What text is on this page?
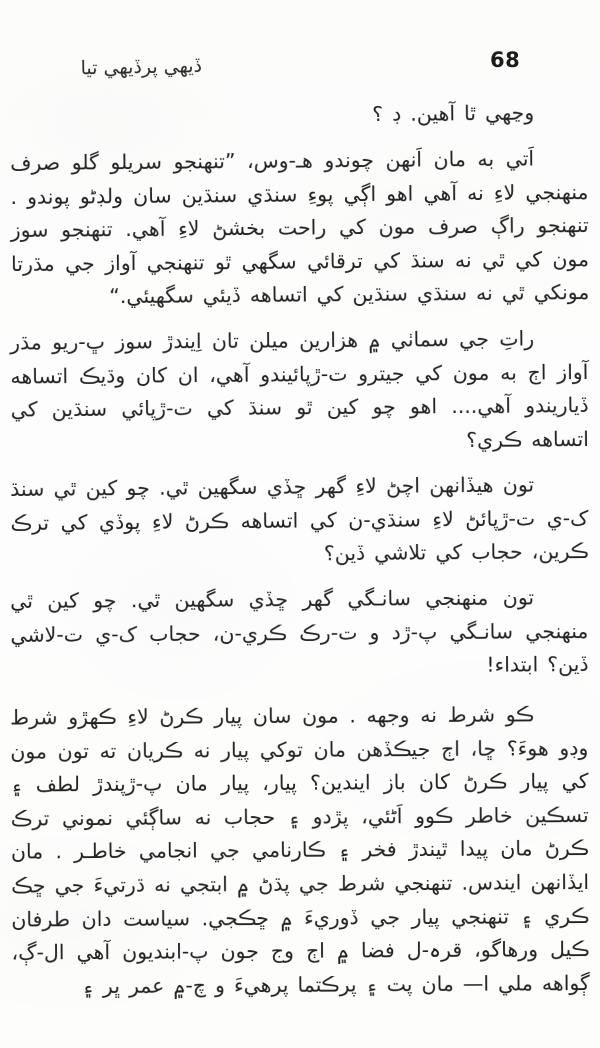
68
ڏيهي پرڏيهي تيا

وڃهي ٿا آهين. ڊ ؟

اَتي به مان اَنهن چوندو هـ-وس، ”تنهنجو سريلو گلو صرف منهنجي لاءِ نه آهي اهو اڳي پوءِ سنڌي سنڌين سان ولڊڻو پوندو . تنهنجو راڳ صرف مون کي راحت بخشڻ لاءِ آهي. تنهنجو سوز مون کي ٿي نه سنڌ کي ترقائي سگهي ٿو تنهنجي آواز جي مڌرتا مونکي ٿي نه سنڌي سنڌين کي اتساهه ڏيئي سگهيئي.“

راتِ جي سماٺي ۾ هزارين ميلن تان اِيندڙ سوز ڀ-ريو مڌر آواز اڄ به مون کي جيترو ت-ڙپائيندو آهي، ان کان وڌيڪ اتساهه ڏياريندو آهي.... اهو چو کين ٿو سنڌ کي ت-ڙپائي سنڌين کي اتساهه ڪري؟

تون هيڏانهن اچڻ لاءِ گهر ڇڏي سگهين ٿي. چو کين ٿي سنڌ ک-ي ت-ڙپائڻ لاءِ سنڌي-ن کي اتساهه ڪرڻ لاءِ پوڏي کي ترڪ ڪرين، حجاب کي تلاشي ڏين؟

تون منهنجي سانـگي گهر ڇڏي سگهين ٿي. چو کين ٿي منهنجي سانـگي پ-ڙد و ت-رڪ ڪري-ن، حجاب ک-ي ت-لاشي ڏين؟ ابتداء!

ڪو شرط نه وجهه . مون سان پيار ڪرڻ لاءِ ڪهڙو شرط وڊو هوءَ؟ ڇا، اڄ جيڪڏهن مان توکي پيار نه ڪريان ته تون مون کي پيار ڪرڻ کان باز ايندين؟ پيار، پيار مان پ-ڙپندڙ لطف ۽ تسڪين خاطر ڪوو اَڻئي، پڙدو ۽ حجاب نه ساڳئي نموني ترڪ ڪرڻ مان پيدا ٿيندڙ فخر ۽ ڪارنامي جي انجامي خاطـر . مان ايڏانهن ايندس. تنهنجي شرط جي پڌڻ ۾ ابتجي نه ڌرتيءَ جي ڇڪ ڪري ۽ تنهنجي پيار جي ڏوريءَ ۾ ڇڪجي. سياست دان طرفان ڪيل ورهاگو، قرہ-ل فضا ۾ اڄ وج جون پ-ابنديون آهي ال-ڳ، ڳواهه ملي ا— مان پت ۽ پرڪتما پرهيءَ و چ-۾ عمر ڀر ۽
